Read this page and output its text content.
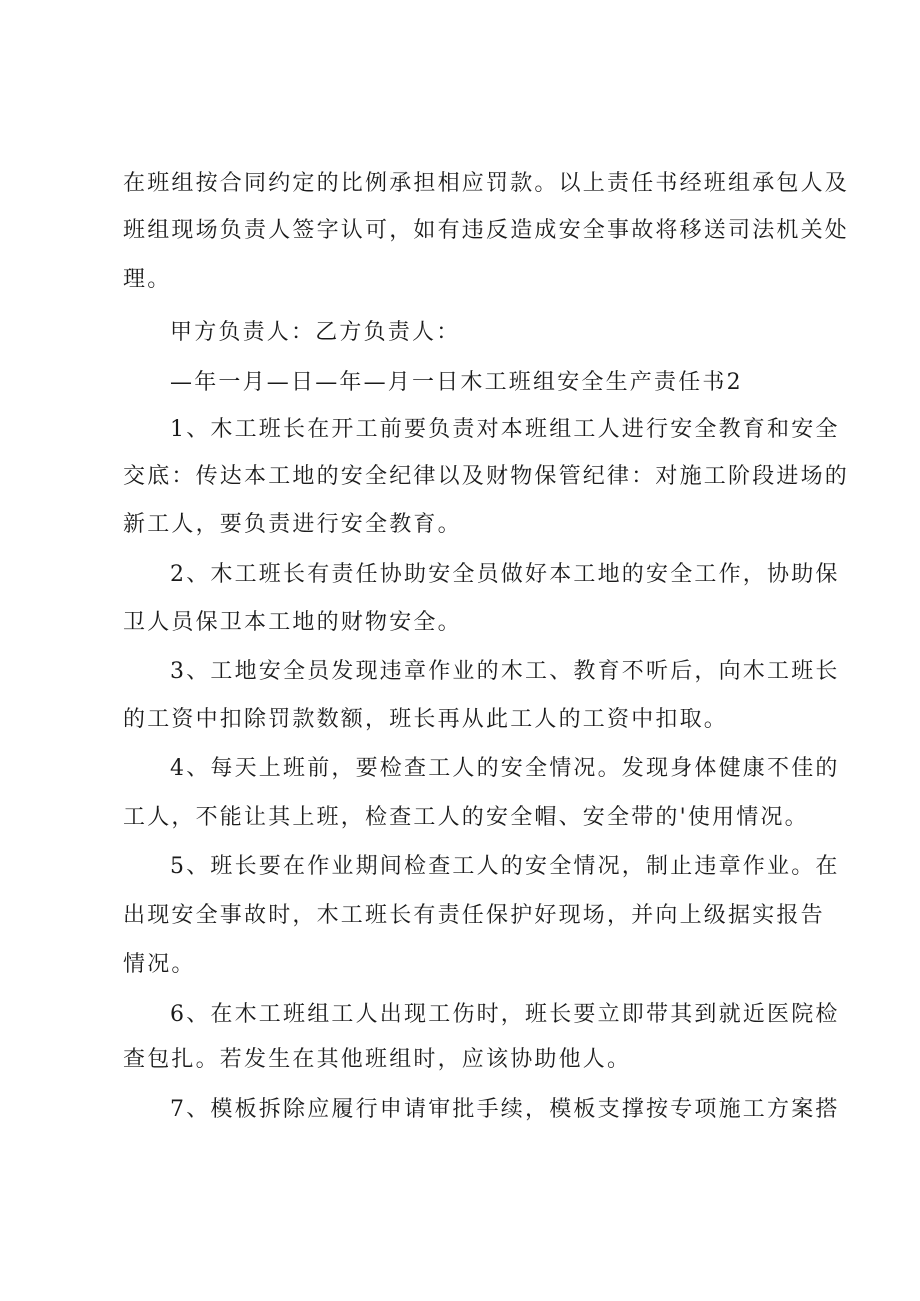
在班组按合同约定的比例承担相应罚款。以上责任书经班组承包人及
班组现场负责人签字认可，如有违反造成安全事故将移送司法机关处
理。
甲方负责人：乙方负责人：
—年一月—日—年—月一日木工班组安全生产责任书2
1、木工班长在开工前要负责对本班组工人进行安全教育和安全
交底：传达本工地的安全纪律以及财物保管纪律：对施工阶段进场的
新工人，要负责进行安全教育。
2、木工班长有责任协助安全员做好本工地的安全工作，协助保
卫人员保卫本工地的财物安全。
3、工地安全员发现违章作业的木工、教育不听后，向木工班长
的工资中扣除罚款数额，班长再从此工人的工资中扣取。
4、每天上班前，要检查工人的安全情况。发现身体健康不佳的
工人，不能让其上班，检查工人的安全帽、安全带的'使用情况。
5、班长要在作业期间检查工人的安全情况，制止违章作业。在
出现安全事故时，木工班长有责任保护好现场，并向上级据实报告
情况。
6、在木工班组工人出现工伤时，班长要立即带其到就近医院检
查包扎。若发生在其他班组时，应该协助他人。
7、模板拆除应履行申请审批手续，模板支撑按专项施工方案搭
